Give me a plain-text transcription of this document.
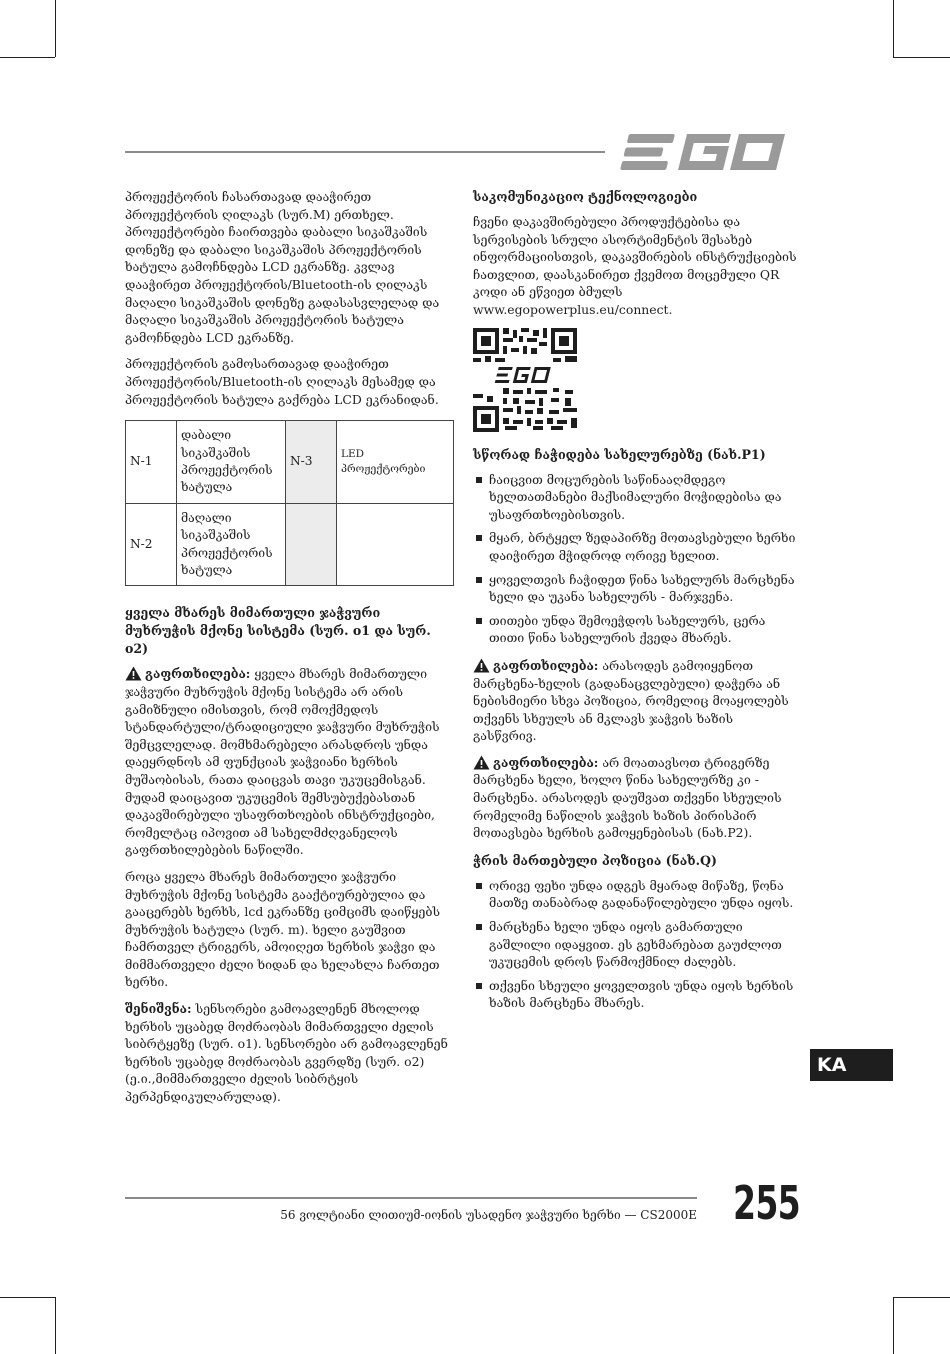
პროჟექტორის ჩასართავად დააჭირეთ პროჟექტორის ღილაკს (სურ.M) ერთხელ. პროჟექტორები ჩაირთვება დაბალი სიკაშკაშის დონეზე და დაბალი სიკაშკაშის პროჟექტორის ხატულა გამოჩნდება LCD ეკრანზე. კვლავ დააჭირეთ პროჟექტორის/Bluetooth-ის ღილაკს მაღალი სიკაშკაშის დონეზე გადასასვლელად და მაღალი სიკაშკაშის პროჟექტორის ხატულა გამოჩნდება LCD ეკრანზე.

პროჟექტორის გამოსართავად დააჭირეთ პროჟექტორის/Bluetooth-ის ღილაკს მესამედ და პროჟექტორის ხატულა გაქრება LCD ეკრანიდან.

N-1	დაბალი სიკაშკაშის პროჟექტორის ხატულა	N-3	LED პროჟექტორები
N-2	მაღალი სიკაშკაშის პროჟექტორის ხატულა		
ყველა მხარეს მიმართული ჯაჭვური მუხრუჭის მქონე სისტემა (სურ. o1 და სურ. o2)

გაფრთხილება: ყველა მხარეს მიმართული ჯაჭვური მუხრუჭის მქონე სისტემა არ არის გამიზნული იმისთვის, რომ ომოქმედოს სტანდარტული/ტრადიციული ჯაჭვური მუხრუჭის შემცვლელად. მომხმარებელი არასდროს უნდა დაეყრდნოს ამ ფუნქციას ჯაჭვიანი ხერხის მუშაობისას, რათა დაიცვას თავი უკუცემისგან. მუდამ დაიცავით უკუცემის შემსუბუქებასთან დაკავშირებული უსაფრთხოების ინსტრუქციები, რომელტაც იპოვით ამ სახელმძღვანელოს გაფრთხილებების ნაწილში.

როცა ყველა მხარეს მიმართული ჯაჭვური მუხრუჭის მქონე სისტემა გააქტიურებულია და გააცერებს ხერხს, lcd ეკრანზე ციმციმს დაიწყებს მუხრუჭის ხატულა (სურ. m). ხელი გაუშვით ჩამრთველ ტრიგერს, ამოიღეთ ხერხის ჯაჭვი და მიმმართველი ძელი ხიდან და ხელახლა ჩართეთ ხერხი.

შენიშვნა: სენსორები გამოავლენენ მხოლოდ ხერხის უცაბედ მოძრაობას მიმართველი ძელის სიბრტყეზე (სურ. o1). სენსორები არ გამოავლენენ ხერხის უცაბედ მოძრაობას გვერდზე (სურ. o2) (ე.ი.,მიმმართველი ძელის სიბრტყის პერპენდიკულარულად).

საკომუნიკაციო ტექნოლოგიები

ჩვენი დაკავშირებული პროდუქტებისა და სერვისების სრული ასორტიმენტის შესახებ ინფორმაციისთვის, დაკავშირების ინსტრუქციების ჩათვლით, დაასკანირეთ ქვემოთ მოცემული QR კოდი ან ეწვიეთ ბმულს www.egopowerplus.eu/connect.

სწორად ჩაჭიდება სახელურებზე (ნახ.P1)
ჩაიცვით მოცურების საწინააღმდეგო ხელთათმანები მაქსიმალური მოჭიდებისა და უსაფრთხოებისთვის.
მყარ, ბრტყელ ზედაპირზე მოთავსებული ხერხი დაიჭირეთ მჭიდროდ ორივე ხელით.
ყოველთვის ჩაჭიდეთ წინა სახელურს მარცხენა ხელი და უკანა სახელურს - მარჯვენა.
თითები უნდა შემოეჭდოს სახელურს, ცერა თითი წინა სახელურის ქვედა მხარეს.

გაფრთხილება: არასოდეს გამოიყენოთ მარცხენა-ხელის (გადანაცვლებული) დაჭერა ან ნებისმიერი სხვა პოზიცია, რომელიც მოაყოლებს თქვენს სხეულს ან მკლავს ჯაჭვის ხაზის გასწვრივ.

გაფრთხილება: არ მოათავსოთ ტრიგერზე მარცხენა ხელი, ხოლო წინა სახელურზე კი - მარცხენა. არასოდეს დაუშვათ თქვენი სხეულის რომელიმე ნაწილის ჯაჭვის ხაზის პირისპირ მოთავსება ხერხის გამოყენებისას (ნახ.P2).

ჭრის მართებული პოზიცია (ნახ.Q)
ორივე ფეხი უნდა იდგეს მყარად მიწაზე, წონა მათზე თანაბრად გადანაწილებული უნდა იყოს.
მარცხენა ხელი უნდა იყოს გამართული გაშლილი იდაყვით. ეს გეხმარებათ გაუძლოთ უკუცემის დროს წარმოქმნილ ძალებს.
თქვენი სხეული ყოველთვის უნდა იყოს ხერხის ხაზის მარცხენა მხარეს.
KA
56 ვოლტიანი ლითიუმ-იონის უსადენო ჯაჭვური ხერხი — CS2000E 255
